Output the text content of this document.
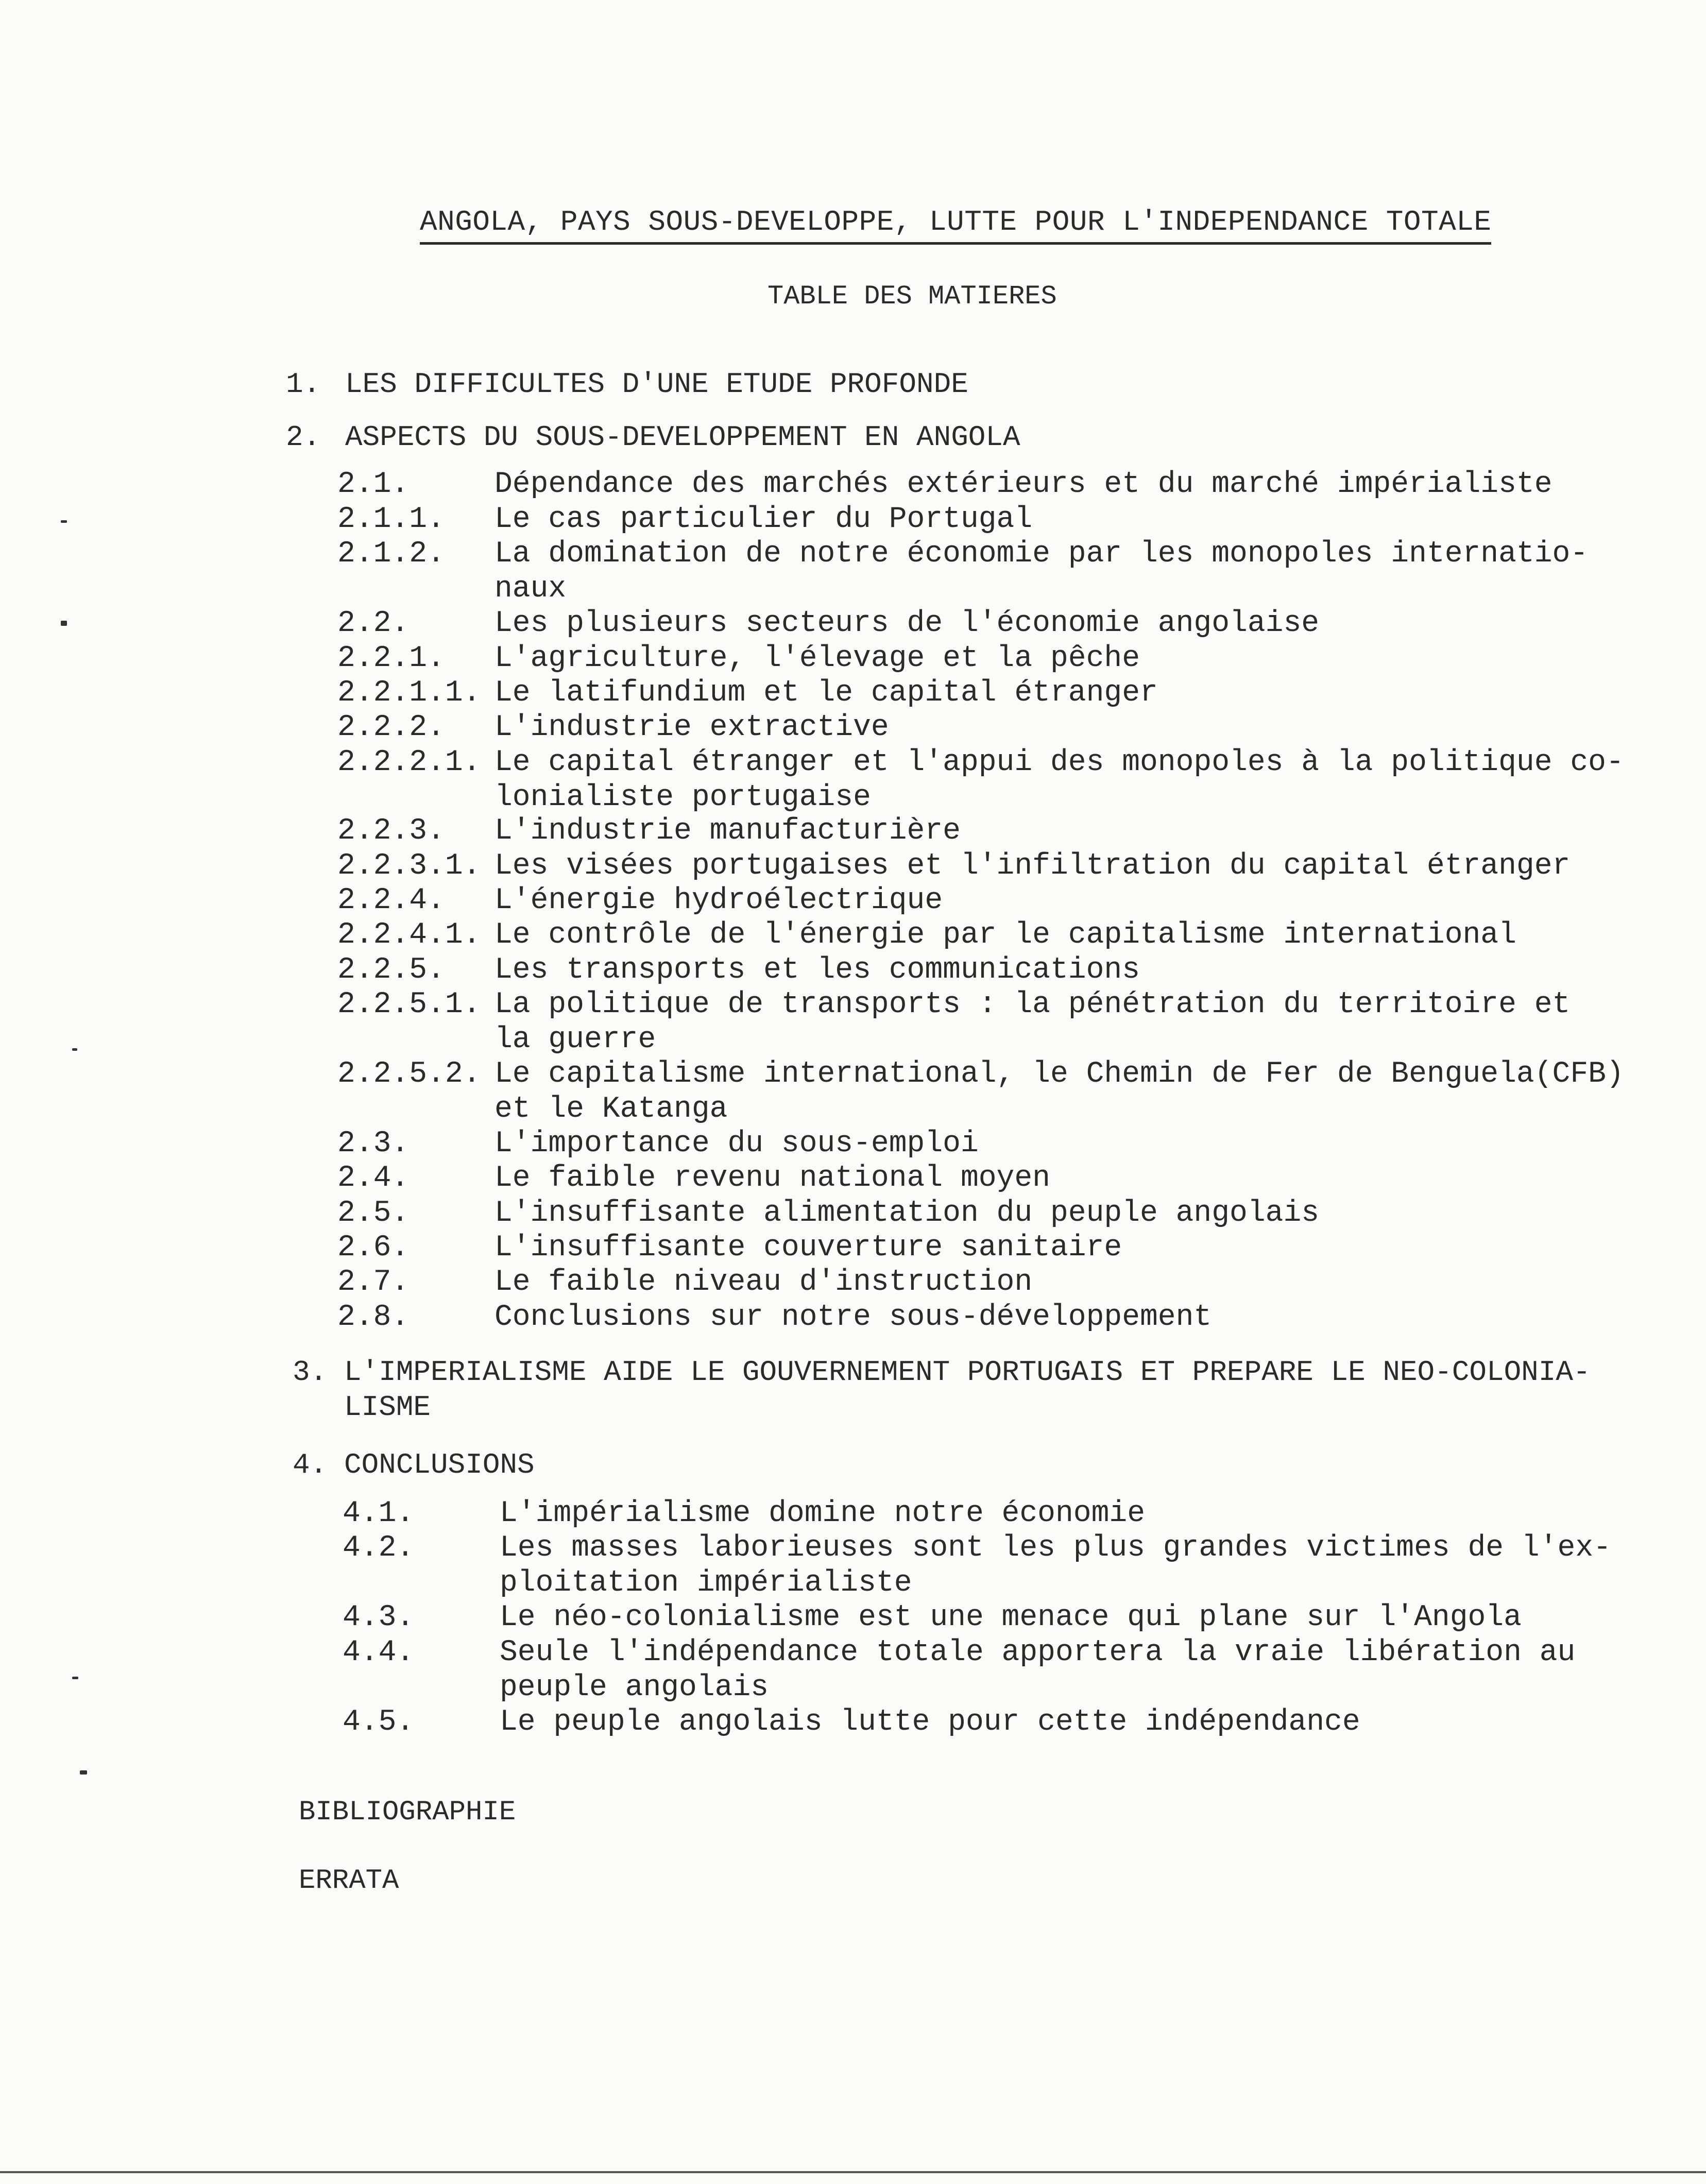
ANGOLA, PAYS SOUS-DEVELOPPE, LUTTE POUR L'INDEPENDANCE TOTALE
TABLE DES MATIERES
1. LES DIFFICULTES D'UNE ETUDE PROFONDE
2. ASPECTS DU SOUS-DEVELOPPEMENT EN ANGOLA
2.1.	Dépendance des marchés extérieurs et du marché impérialiste
2.1.1.	Le cas particulier du Portugal
2.1.2.	La domination de notre économie par les monopoles internatio-
naux
2.2.	Les plusieurs secteurs de l'économie angolaise
2.2.1.	L'agriculture, l'élevage et la pêche
2.2.1.1. Le latifundium et le capital étranger
2.2.2.	L'industrie extractive
2.2.2.1. Le capital étranger et l'appui des monopoles à la politique co-
lonialiste portugaise
2.2.3.	L'industrie manufacturière
2.2.3.1. Les visées portugaises et l'infiltration du capital étranger
2.2.4.	L'énergie hydroélectrique
2.2.4.1. Le contrôle de l'énergie par le capitalisme international
2.2.5.	Les transports et les communications
2.2.5.1. La politique de transports : la pénétration du territoire et
la guerre
2.2.5.2. Le capitalisme international, le Chemin de Fer de Benguela(CFB)
et le Katanga
2.3.	L'importance du sous-emploi
2.4.	Le faible revenu national moyen
2.5.	L'insuffisante alimentation du peuple angolais
2.6.	L'insuffisante couverture sanitaire
2.7.	Le faible niveau d'instruction
2.8.	Conclusions sur notre sous-développement
3. L'IMPERIALISME AIDE LE GOUVERNEMENT PORTUGAIS ET PREPARE LE NEO-COLONIA-
LISME
4. CONCLUSIONS
4.1.	L'impérialisme domine notre économie
4.2.	Les masses laborieuses sont les plus grandes victimes de l'ex-
ploitation impérialiste
4.3.	Le néo-colonialisme est une menace qui plane sur l'Angola
4.4.	Seule l'indépendance totale apportera la vraie libération au
peuple angolais
4.5.	Le peuple angolais lutte pour cette indépendance
BIBLIOGRAPHIE
ERRATA
